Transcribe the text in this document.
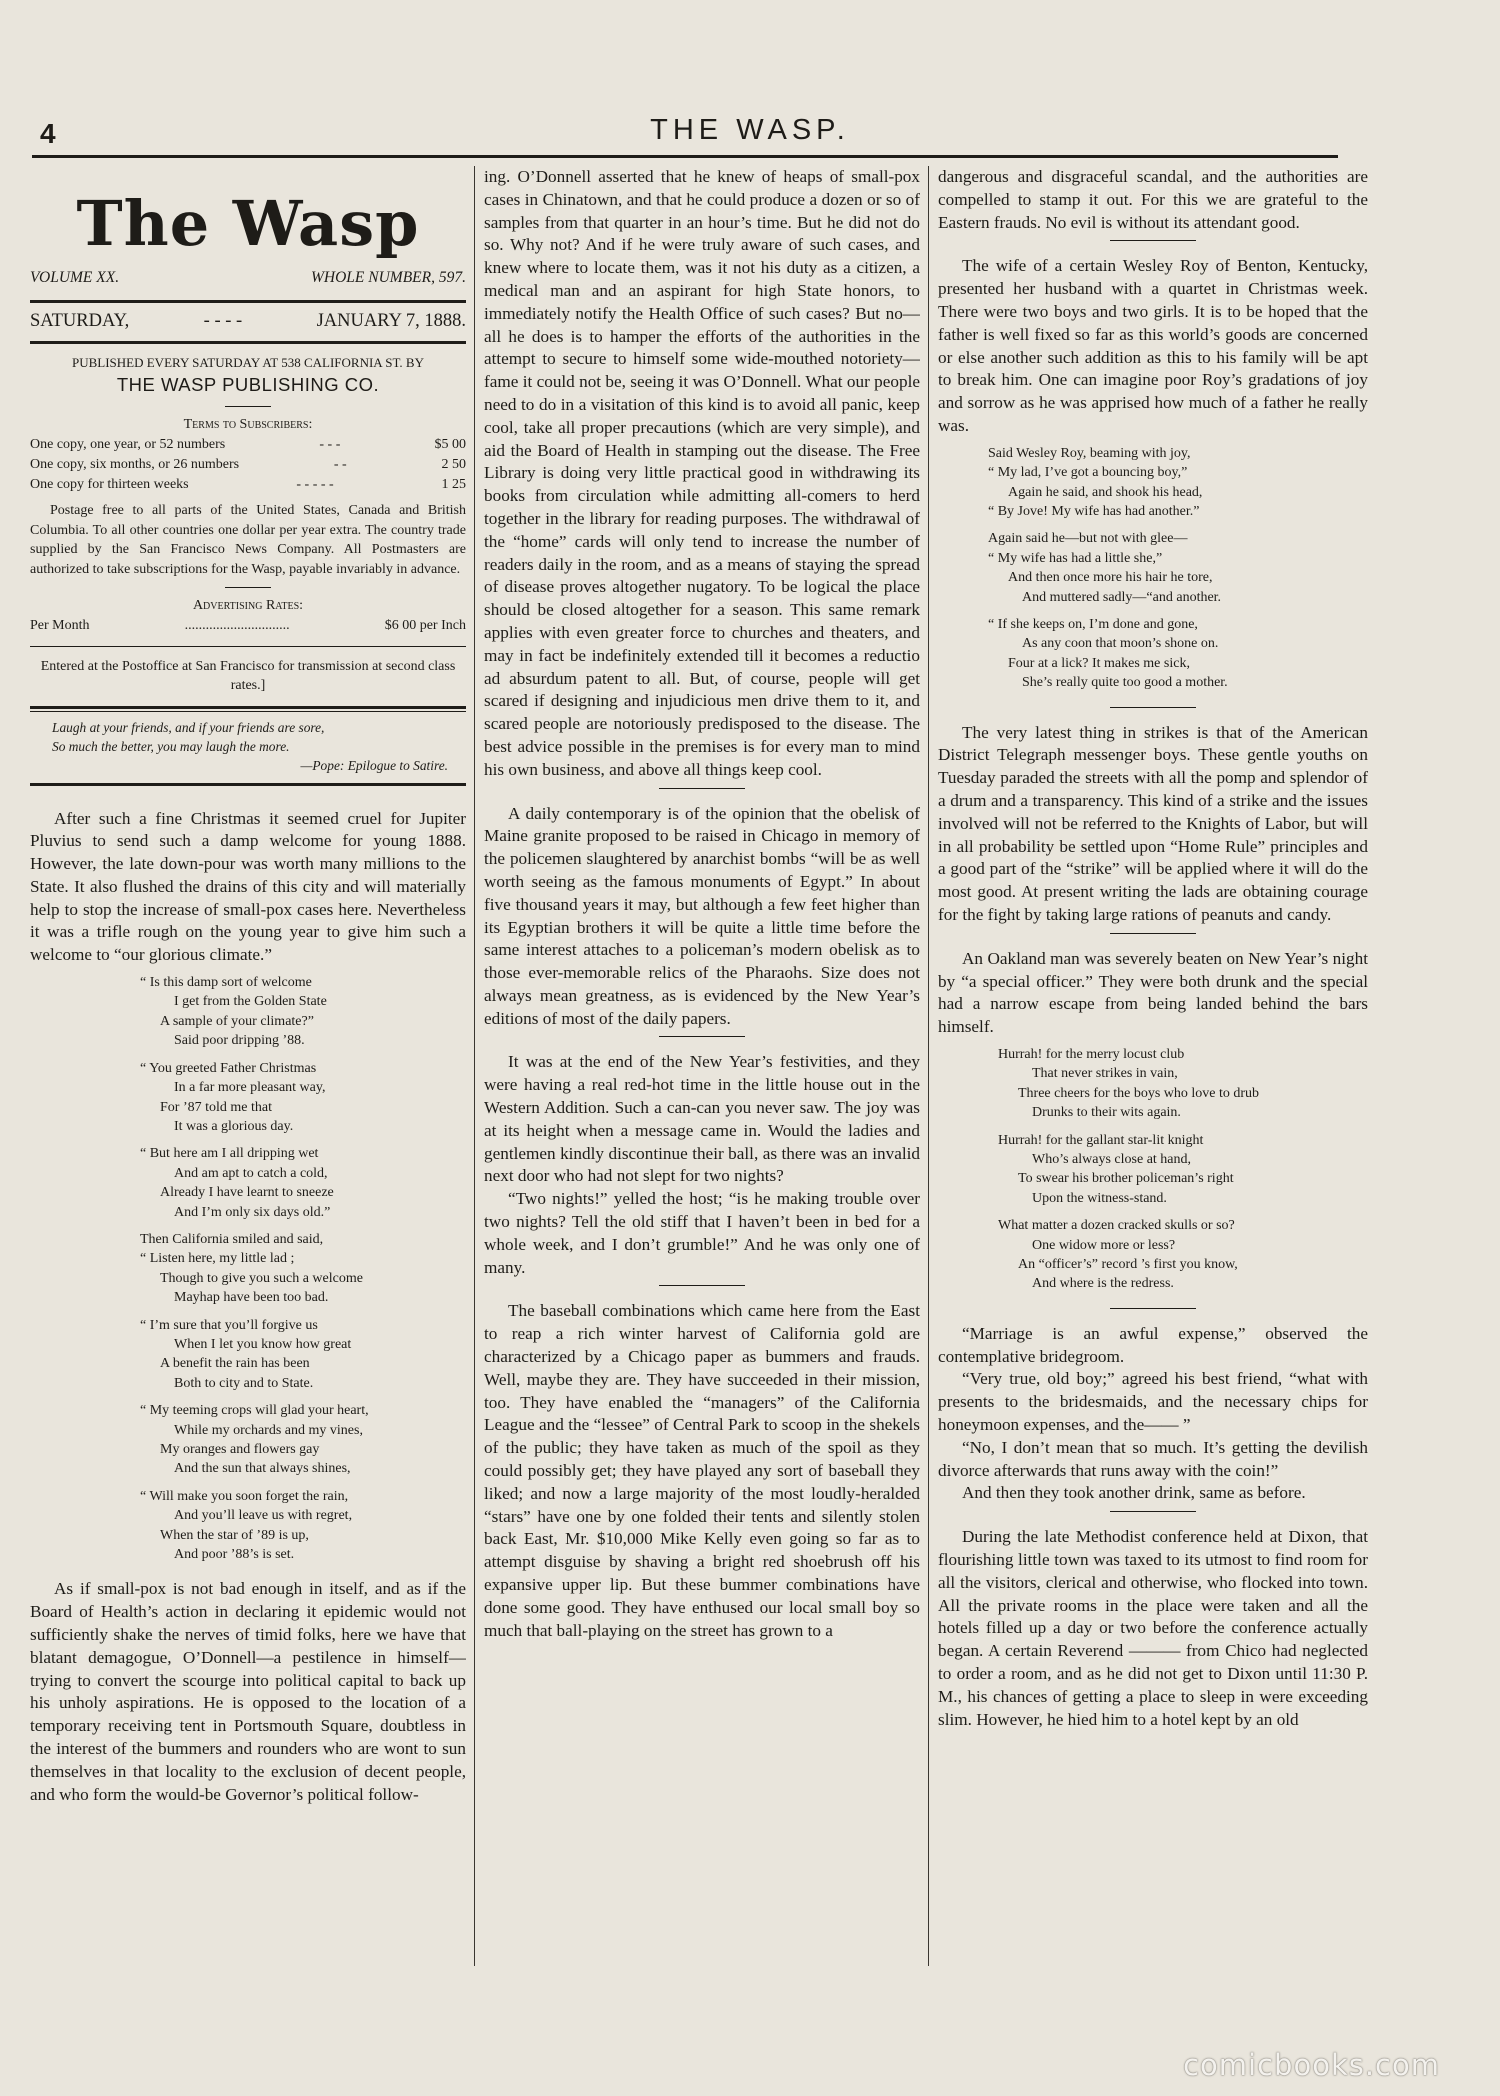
4	THE WASP.
The Wasp
VOLUME XX.	WHOLE NUMBER, 597.
SATURDAY,	- - - -	JANUARY 7, 1888.
PUBLISHED EVERY SATURDAY AT 538 CALIFORNIA ST. BY
THE WASP PUBLISHING CO.
Terms to Subscribers:
One copy, one year, or 52 numbers	- - -	$5 00
One copy, six months, or 26 numbers	- -	2 50
One copy for thirteen weeks	- - - - -	1 25
Postage free to all parts of the United States, Canada and British Columbia. To all other countries one dollar per year extra. The country trade supplied by the San Francisco News Company. All Postmasters are authorized to take subscriptions for the Wasp, payable invariably in advance.
Advertising Rates:
Per Month	..............................	$6 00 per Inch
Entered at the Postoffice at San Francisco for transmission at second class rates.]
Laugh at your friends, and if your friends are sore,
So much the better, you may laugh the more.
—Pope: Epilogue to Satire.

After such a fine Christmas it seemed cruel for Jupiter Pluvius to send such a damp welcome for young 1888. However, the late down-pour was worth many millions to the State. It also flushed the drains of this city and will materially help to stop the increase of small-pox cases here. Nevertheless it was a trifle rough on the young year to give him such a welcome to “our glorious climate.”

“ Is this damp sort of welcome
I get from the Golden State
A sample of your climate?”
Said poor dripping ’88.
“ You greeted Father Christmas
In a far more pleasant way,
For ’87 told me that
It was a glorious day.
“ But here am I all dripping wet
And am apt to catch a cold,
Already I have learnt to sneeze
And I’m only six days old.”
Then California smiled and said,
“ Listen here, my little lad ;
Though to give you such a welcome
Mayhap have been too bad.
“ I’m sure that you’ll forgive us
When I let you know how great
A benefit the rain has been
Both to city and to State.
“ My teeming crops will glad your heart,
While my orchards and my vines,
My oranges and flowers gay
And the sun that always shines,
“ Will make you soon forget the rain,
And you’ll leave us with regret,
When the star of ’89 is up,
And poor ’88’s is set.

As if small-pox is not bad enough in itself, and as if the Board of Health’s action in declaring it epidemic would not sufficiently shake the nerves of timid folks, here we have that blatant demagogue, O’Donnell—a pestilence in himself—trying to convert the scourge into political capital to back up his unholy aspirations. He is opposed to the location of a temporary receiving tent in Portsmouth Square, doubtless in the interest of the bummers and rounders who are wont to sun themselves in that locality to the exclusion of decent people, and who form the would-be Governor’s political follow-

ing. O’Donnell asserted that he knew of heaps of small-pox cases in Chinatown, and that he could produce a dozen or so of samples from that quarter in an hour’s time. But he did not do so. Why not? And if he were truly aware of such cases, and knew where to locate them, was it not his duty as a citizen, a medical man and an aspirant for high State honors, to immediately notify the Health Office of such cases? But no—all he does is to hamper the efforts of the authorities in the attempt to secure to himself some wide-mouthed notoriety—fame it could not be, seeing it was O’Donnell. What our people need to do in a visitation of this kind is to avoid all panic, keep cool, take all proper precautions (which are very simple), and aid the Board of Health in stamping out the disease. The Free Library is doing very little practical good in withdrawing its books from circulation while admitting all-comers to herd together in the library for reading purposes. The withdrawal of the “home” cards will only tend to increase the number of readers daily in the room, and as a means of staying the spread of disease proves altogether nugatory. To be logical the place should be closed altogether for a season. This same remark applies with even greater force to churches and theaters, and may in fact be indefinitely extended till it becomes a reductio ad absurdum patent to all. But, of course, people will get scared if designing and injudicious men drive them to it, and scared people are notoriously predisposed to the disease. The best advice possible in the premises is for every man to mind his own business, and above all things keep cool.

A daily contemporary is of the opinion that the obelisk of Maine granite proposed to be raised in Chicago in memory of the policemen slaughtered by anarchist bombs “will be as well worth seeing as the famous monuments of Egypt.” In about five thousand years it may, but although a few feet higher than its Egyptian brothers it will be quite a little time before the same interest attaches to a policeman’s modern obelisk as to those ever-memorable relics of the Pharaohs. Size does not always mean greatness, as is evidenced by the New Year’s editions of most of the daily papers.

It was at the end of the New Year’s festivities, and they were having a real red-hot time in the little house out in the Western Addition. Such a can-can you never saw. The joy was at its height when a message came in. Would the ladies and gentlemen kindly discontinue their ball, as there was an invalid next door who had not slept for two nights?

“Two nights!” yelled the host; “is he making trouble over two nights? Tell the old stiff that I haven’t been in bed for a whole week, and I don’t grumble!” And he was only one of many.

The baseball combinations which came here from the East to reap a rich winter harvest of California gold are characterized by a Chicago paper as bummers and frauds. Well, maybe they are. They have succeeded in their mission, too. They have enabled the “managers” of the California League and the “lessee” of Central Park to scoop in the shekels of the public; they have taken as much of the spoil as they could possibly get; they have played any sort of baseball they liked; and now a large majority of the most loudly-heralded “stars” have one by one folded their tents and silently stolen back East, Mr. $10,000 Mike Kelly even going so far as to attempt disguise by shaving a bright red shoebrush off his expansive upper lip. But these bummer combinations have done some good. They have enthused our local small boy so much that ball-playing on the street has grown to a

dangerous and disgraceful scandal, and the authorities are compelled to stamp it out. For this we are grateful to the Eastern frauds. No evil is without its attendant good.

The wife of a certain Wesley Roy of Benton, Kentucky, presented her husband with a quartet in Christmas week. There were two boys and two girls. It is to be hoped that the father is well fixed so far as this world’s goods are concerned or else another such addition as this to his family will be apt to break him. One can imagine poor Roy’s gradations of joy and sorrow as he was apprised how much of a father he really was.

Said Wesley Roy, beaming with joy,
“ My lad, I’ve got a bouncing boy,”
Again he said, and shook his head,
“ By Jove! My wife has had another.”
Again said he—but not with glee—
“ My wife has had a little she,”
And then once more his hair he tore,
And muttered sadly—“and another.
“ If she keeps on, I’m done and gone,
As any coon that moon’s shone on.
Four at a lick? It makes me sick,
She’s really quite too good a mother.

The very latest thing in strikes is that of the American District Telegraph messenger boys. These gentle youths on Tuesday paraded the streets with all the pomp and splendor of a drum and a transparency. This kind of a strike and the issues involved will not be referred to the Knights of Labor, but will in all probability be settled upon “Home Rule” principles and a good part of the “strike” will be applied where it will do the most good. At present writing the lads are obtaining courage for the fight by taking large rations of peanuts and candy.

An Oakland man was severely beaten on New Year’s night by “a special officer.” They were both drunk and the special had a narrow escape from being landed behind the bars himself.

Hurrah! for the merry locust club
That never strikes in vain,
Three cheers for the boys who love to drub
Drunks to their wits again.
Hurrah! for the gallant star-lit knight
Who’s always close at hand,
To swear his brother policeman’s right
Upon the witness-stand.
What matter a dozen cracked skulls or so?
One widow more or less?
An “officer’s” record ’s first you know,
And where is the redress.

“Marriage is an awful expense,” observed the contemplative bridegroom.

“Very true, old boy;” agreed his best friend, “what with presents to the bridesmaids, and the necessary chips for honeymoon expenses, and the—— ”

“No, I don’t mean that so much. It’s getting the devilish divorce afterwards that runs away with the coin!”

And then they took another drink, same as before.

During the late Methodist conference held at Dixon, that flourishing little town was taxed to its utmost to find room for all the visitors, clerical and otherwise, who flocked into town. All the private rooms in the place were taken and all the hotels filled up a day or two before the conference actually began. A certain Reverend ——— from Chico had neglected to order a room, and as he did not get to Dixon until 11:30 P. M., his chances of getting a place to sleep in were exceeding slim. However, he hied him to a hotel kept by an old

comicbooks.com
